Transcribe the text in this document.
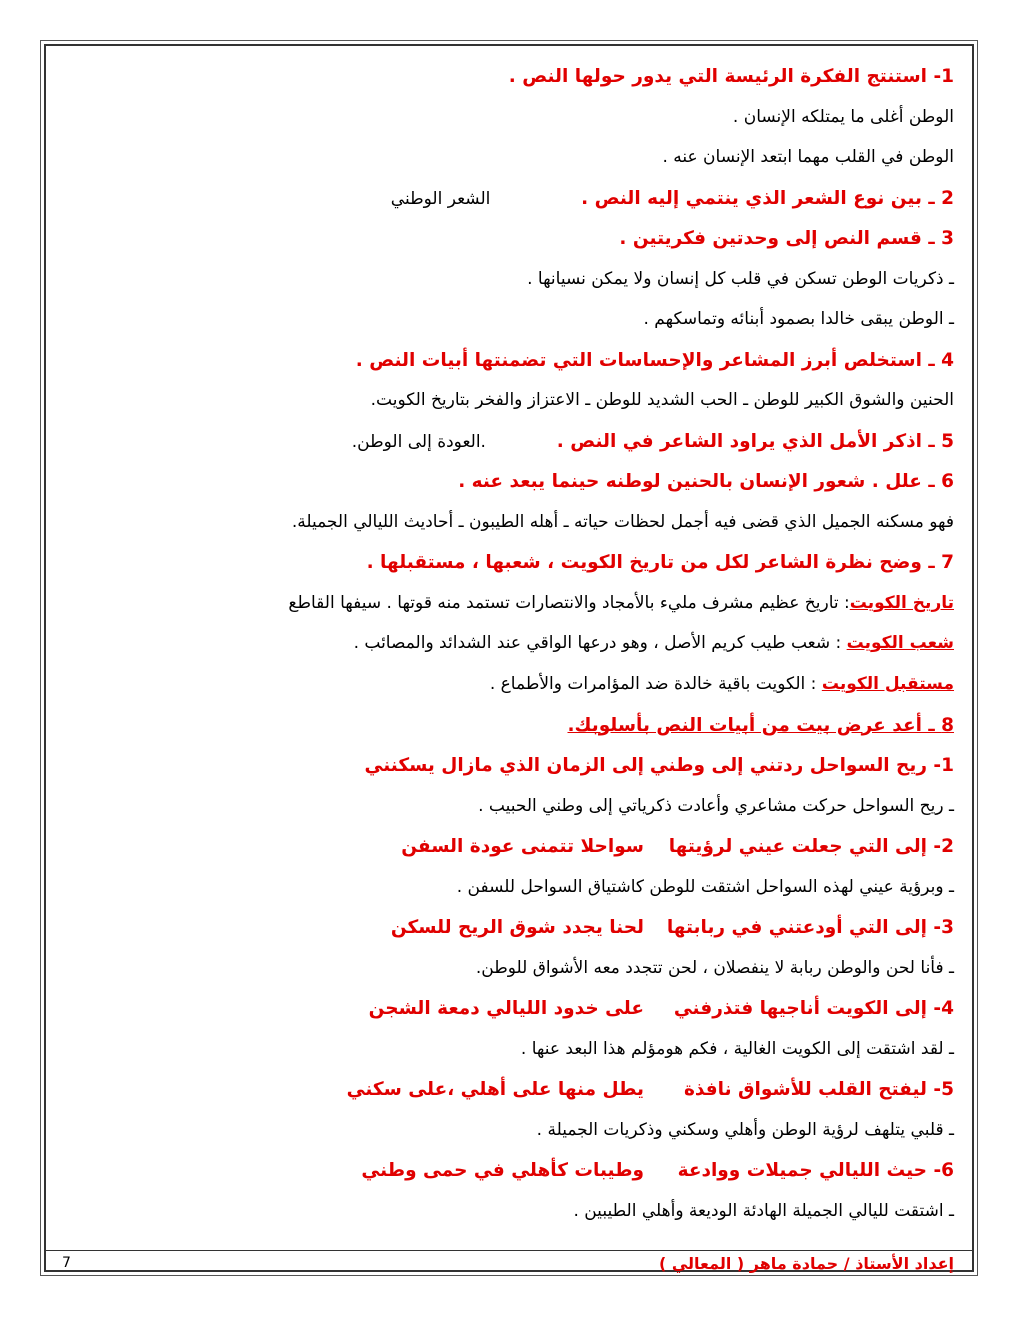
1- استنتج الفكرة الرئيسة التي يدور حولها النص .
الوطن أغلى ما يمتلكه الإنسان .
الوطن في القلب مهما ابتعد الإنسان عنه .
2 ـ بين نوع الشعر الذي ينتمي إليه النص .  الشعر الوطني
3 ـ قسم النص إلى وحدتين فكريتين .
ـ ذكريات الوطن تسكن في قلب كل إنسان ولا يمكن نسيانها .
ـ الوطن يبقى خالدا بصمود أبنائه وتماسكهم .
4 ـ استخلص أبرز المشاعر والإحساسات التي تضمنتها أبيات النص .
الحنين والشوق الكبير للوطن ـ الحب الشديد للوطن ـ الاعتزاز والفخر بتاريخ الكويت.
5 ـ اذكر الأمل الذي يراود الشاعر في النص .  .العودة إلى الوطن.
6 ـ علل . شعور الإنسان بالحنين لوطنه حينما يبعد عنه .
فهو مسكنه الجميل الذي قضى فيه أجمل لحظات حياته ـ أهله الطيبون ـ أحاديث الليالي الجميلة.
7 ـ وضح نظرة الشاعر لكل من تاريخ الكويت ، شعبها ، مستقبلها .
تاريخ الكويت: تاريخ عظيم مشرف مليء بالأمجاد والانتصارات تستمد منه قوتها . سيفها القاطع
شعب الكويت : شعب طيب كريم الأصل ، وهو درعها الواقي عند الشدائد والمصائب .
مستقبل الكويت : الكويت باقية خالدة ضد المؤامرات والأطماع .
8 ـ أعد عرض بيت من أبيات النص بأسلوبك.
1- ريح السواحل ردتني إلى وطني
إلى الزمان الذي مازال يسكنني
ـ ريح السواحل حركت مشاعري وأعادت ذكرياتي إلى وطني الحبيب .
2- إلى التي جعلت عيني لرؤيتها
سواحلا تتمنى عودة السفن
ـ وبرؤية عيني لهذه السواحل اشتقت للوطن كاشتياق السواحل للسفن .
3- إلى التي أودعتني في ربابتها
لحنا يجدد شوق الريح للسكن
ـ فأنا لحن والوطن ربابة لا ينفصلان ، لحن تتجدد معه الأشواق للوطن.
4- إلى الكويت أناجيها فتذرفني
على خدود الليالي دمعة الشجن
ـ لقد اشتقت إلى الكويت الغالية ، فكم هومؤلم هذا البعد عنها .
5- ليفتح القلب للأشواق نافذة
يطل منها على أهلي ،على سكني
ـ قلبي يتلهف لرؤية الوطن وأهلي وسكني وذكريات الجميلة .
6- حيث الليالي جميلات ووادعة
وطيبات كأهلي في حمى وطني
ـ اشتقت لليالي الجميلة الهادئة الوديعة وأهلي الطيبين .
إعداد الأستاذ / حمادة ماهر ( المعالي )
7
